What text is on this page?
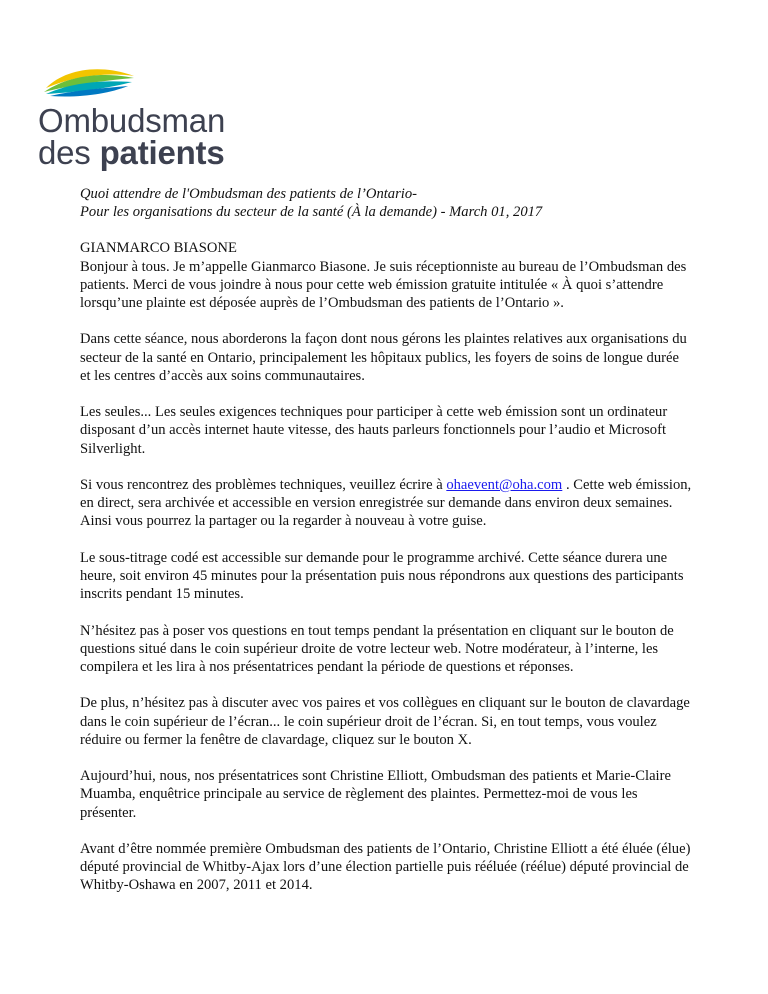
Ombudsman
des patients
Quoi attendre de l'Ombudsman des patients de l’Ontario-
Pour les organisations du secteur de la santé (À la demande) - March 01, 2017
GIANMARCO BIASONE

Bonjour à tous. Je m’appelle Gianmarco Biasone. Je suis réceptionniste au bureau de l’Ombudsman des patients. Merci de vous joindre à nous pour cette web émission gratuite intitulée « À quoi s’attendre lorsqu’une plainte est déposée auprès de l’Ombudsman des patients de l’Ontario ».

Dans cette séance, nous aborderons la façon dont nous gérons les plaintes relatives aux organisations du secteur de la santé en Ontario, principalement les hôpitaux publics, les foyers de soins de longue durée et les centres d’accès aux soins communautaires.

Les seules... Les seules exigences techniques pour participer à cette web émission sont un ordinateur disposant d’un accès internet haute vitesse, des hauts parleurs fonctionnels pour l’audio et Microsoft Silverlight.

Si vous rencontrez des problèmes techniques, veuillez écrire à ohaevent@oha.com . Cette web émission, en direct, sera archivée et accessible en version enregistrée sur demande dans environ deux semaines. Ainsi vous pourrez la partager ou la regarder à nouveau à votre guise.

Le sous-titrage codé est accessible sur demande pour le programme archivé. Cette séance durera une heure, soit environ 45 minutes pour la présentation puis nous répondrons aux questions des participants inscrits pendant 15 minutes.

N’hésitez pas à poser vos questions en tout temps pendant la présentation en cliquant sur le bouton de questions situé dans le coin supérieur droite de votre lecteur web. Notre modérateur, à l’interne, les compilera et les lira à nos présentatrices pendant la période de questions et réponses.

De plus, n’hésitez pas à discuter avec vos paires et vos collègues en cliquant sur le bouton de clavardage dans le coin supérieur de l’écran... le coin supérieur droit de l’écran. Si, en tout temps, vous voulez réduire ou fermer la fenêtre de clavardage, cliquez sur le bouton X.

Aujourd’hui, nous, nos présentatrices sont Christine Elliott, Ombudsman des patients et Marie-Claire Muamba, enquêtrice principale au service de règlement des plaintes. Permettez-moi de vous les présenter.

Avant d’être nommée première Ombudsman des patients de l’Ontario, Christine Elliott a été éluée (élue) député provincial de Whitby-Ajax lors d’une élection partielle puis rééluée (réélue) député provincial de Whitby-Oshawa en 2007, 2011 et 2014.
